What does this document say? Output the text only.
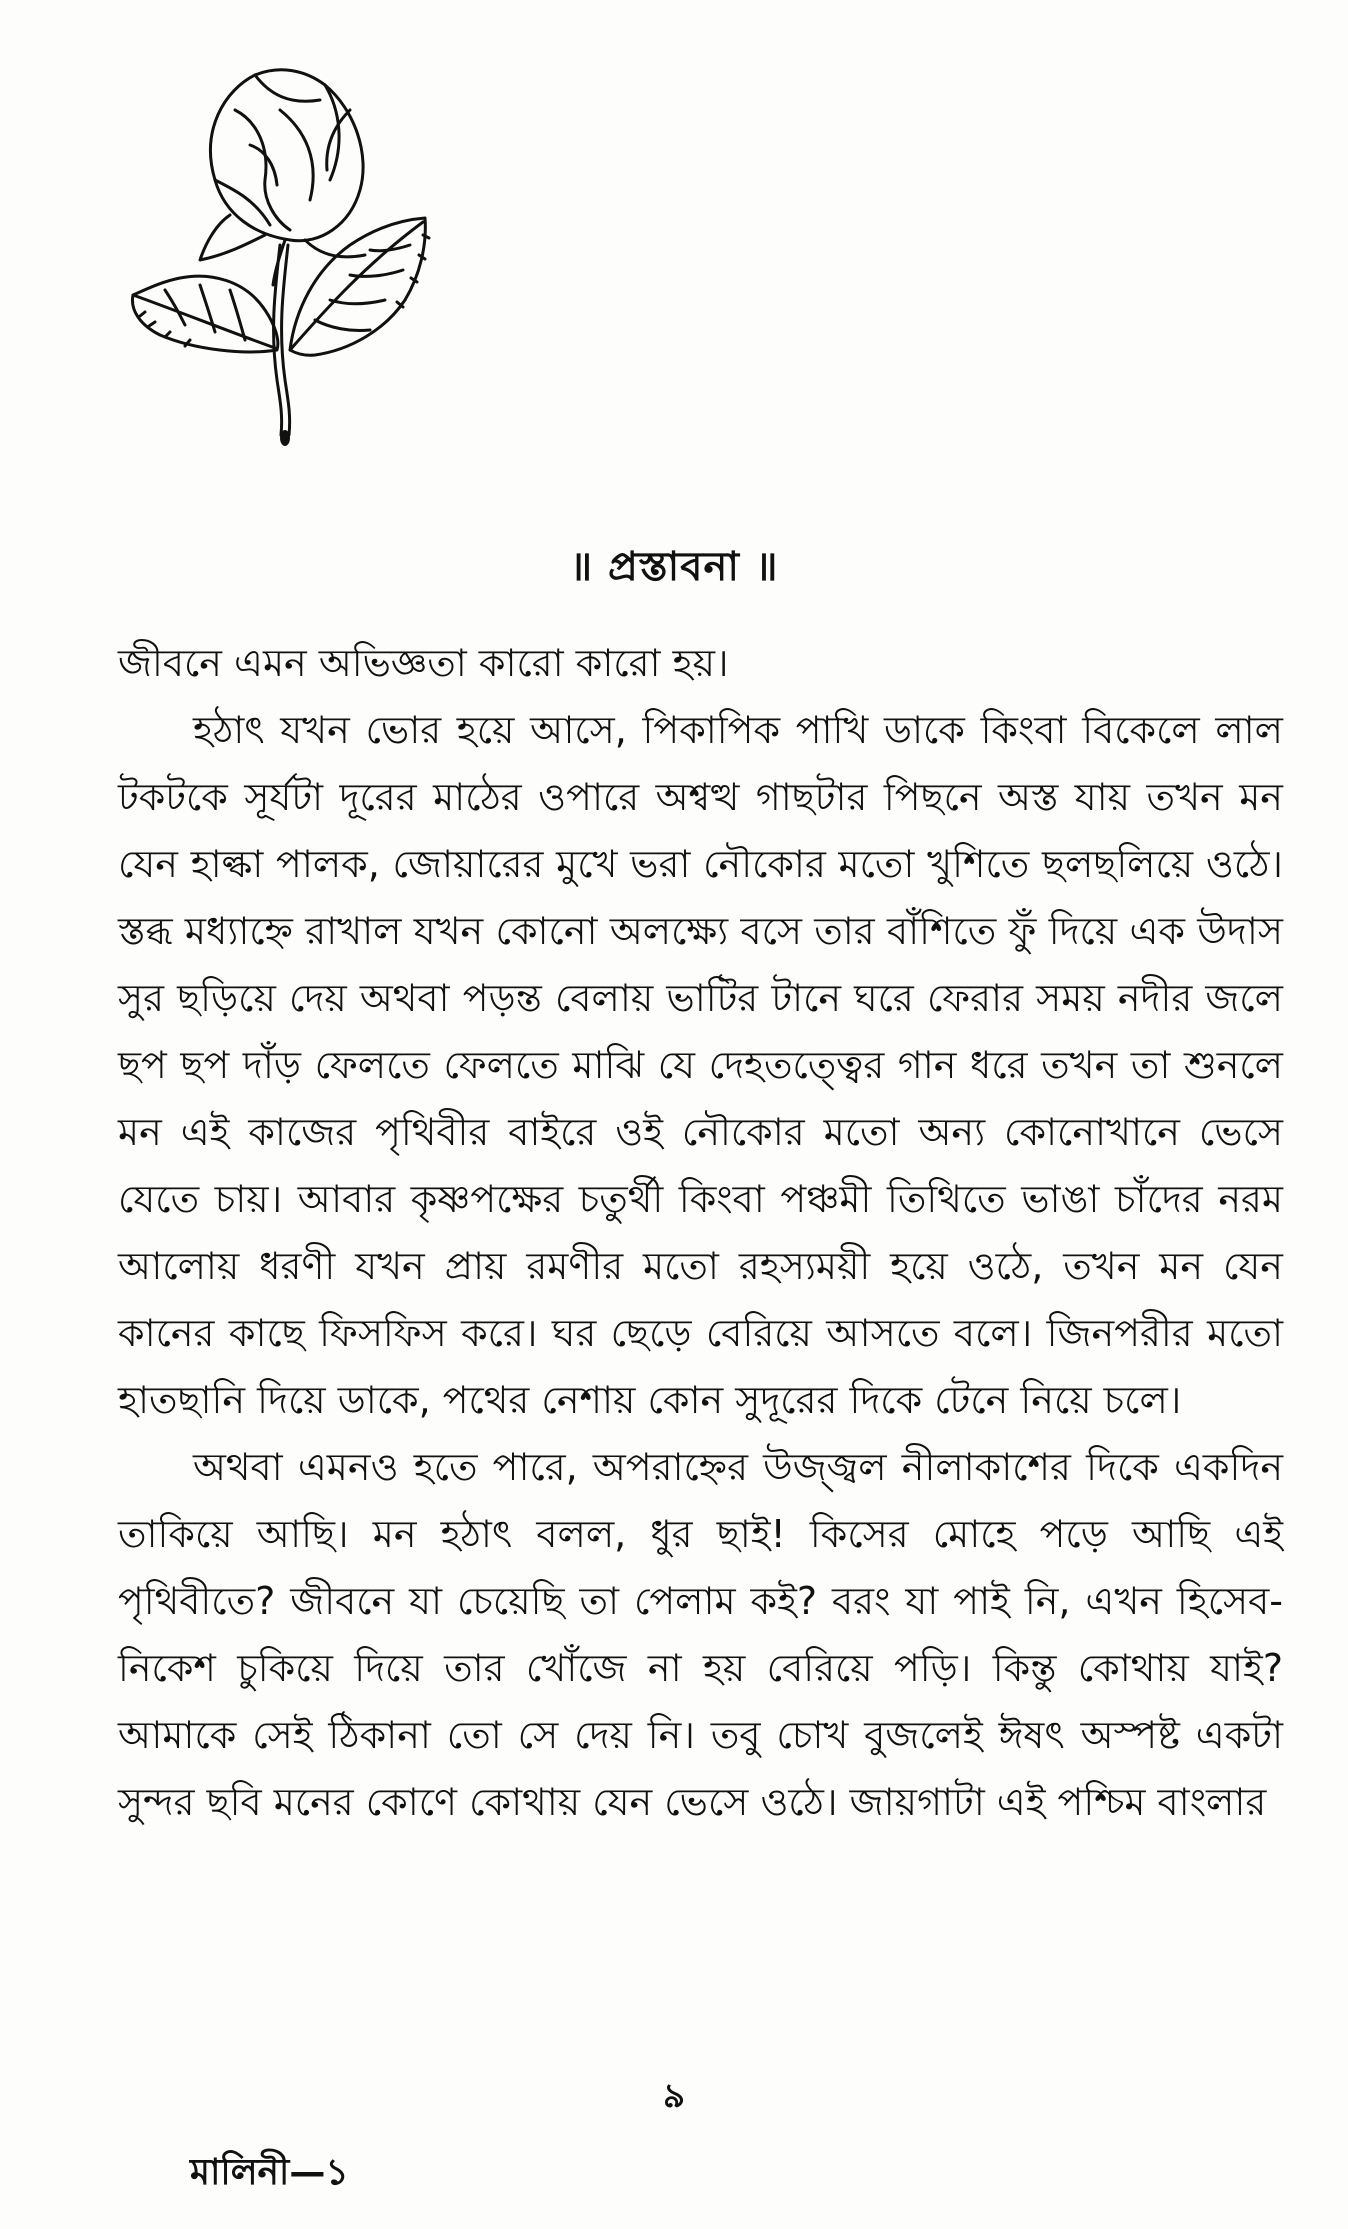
॥ প্রস্তাবনা ॥

জীবনে এমন অভিজ্ঞতা কারো কারো হয়।

হঠাৎ যখন ভোর হয়ে আসে, পিকাপিক পাখি ডাকে কিংবা বিকেলে লাল টকটকে সূর্যটা দূরের মাঠের ওপারে অশ্বত্থ গাছটার পিছনে অস্ত যায় তখন মন যেন হাল্কা পালক, জোয়ারের মুখে ভরা নৌকোর মতো খুশিতে ছলছলিয়ে ওঠে। স্তব্ধ মধ্যাহ্নে রাখাল যখন কোনো অলক্ষ্যে বসে তার বাঁশিতে ফুঁ দিয়ে এক উদাস সুর ছড়িয়ে দেয় অথবা পড়ন্ত বেলায় ভাটির টানে ঘরে ফেরার সময় নদীর জলে ছপ ছপ দাঁড় ফেলতে ফেলতে মাঝি যে দেহতত্ত্বের গান ধরে তখন তা শুনলে মন এই কাজের পৃথিবীর বাইরে ওই নৌকোর মতো অন্য কোনোখানে ভেসে যেতে চায়। আবার কৃষ্ণপক্ষের চতুর্থী কিংবা পঞ্চমী তিথিতে ভাঙা চাঁদের নরম আলোয় ধরণী যখন প্রায় রমণীর মতো রহস্যময়ী হয়ে ওঠে, তখন মন যেন কানের কাছে ফিসফিস করে। ঘর ছেড়ে বেরিয়ে আসতে বলে। জিনপরীর মতো হাতছানি দিয়ে ডাকে, পথের নেশায় কোন সুদূরের দিকে টেনে নিয়ে চলে।

অথবা এমনও হতে পারে, অপরাহ্নের উজ্জ্বল নীলাকাশের দিকে একদিন তাকিয়ে আছি। মন হঠাৎ বলল, ধুর ছাই! কিসের মোহে পড়ে আছি এই পৃথিবীতে? জীবনে যা চেয়েছি তা পেলাম কই? বরং যা পাই নি, এখন হিসেব-নিকেশ চুকিয়ে দিয়ে তার খোঁজে না হয় বেরিয়ে পড়ি। কিন্তু কোথায় যাই? আমাকে সেই ঠিকানা তো সে দেয় নি। তবু চোখ বুজলেই ঈষৎ অস্পষ্ট একটা সুন্দর ছবি মনের কোণে কোথায় যেন ভেসে ওঠে। জায়গাটা এই পশ্চিম বাংলার

৯
মালিনী—১
